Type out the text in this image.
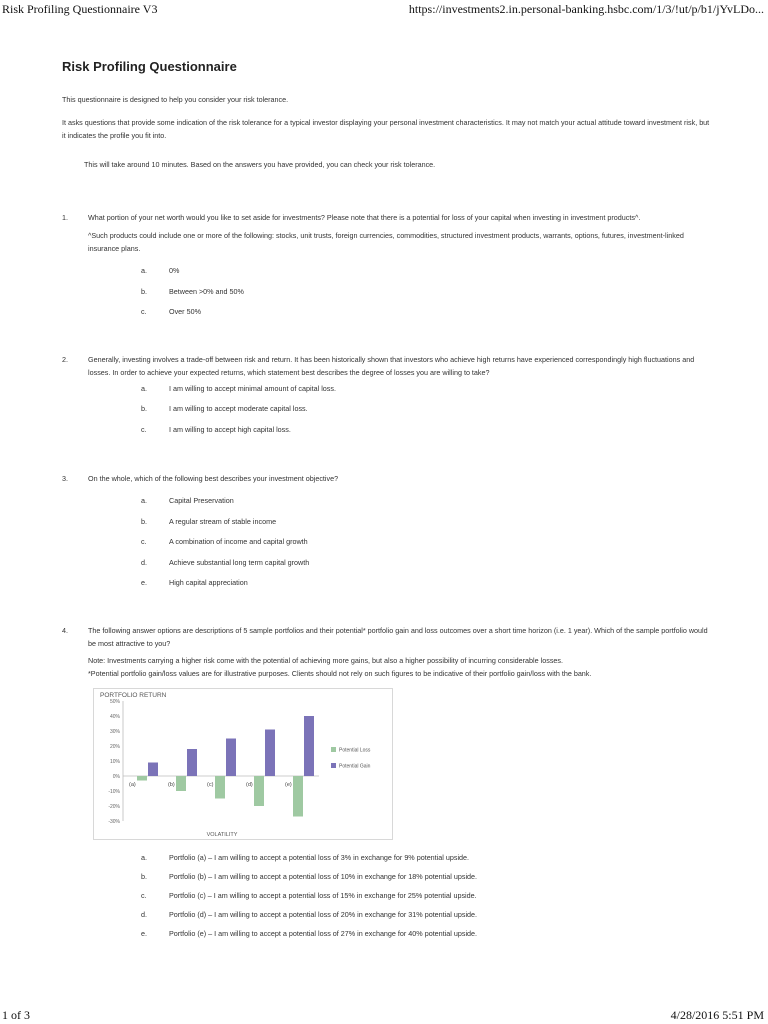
Risk Profiling Questionnaire V3	https://investments2.in.personal-banking.hsbc.com/1/3/!ut/p/b1/jYvLDo...
Risk Profiling Questionnaire

This questionnaire is designed to help you consider your risk tolerance.

It asks questions that provide some indication of the risk tolerance for a typical investor displaying your personal investment characteristics. It may not match your actual attitude toward investment risk, but it indicates the profile you fit into.

This will take around 10 minutes. Based on the answers you have provided, you can check your risk tolerance.

1.	What portion of your net worth would you like to set aside for investments? Please note that there is a potential for loss of your capital when investing in investment products^.

^Such products could include one or more of the following: stocks, unit trusts, foreign currencies, commodities, structured investment products, warrants, options, futures, investment-linked insurance plans.

a.	0%
b.	Between >0% and 50%
c.	Over 50%
2.	Generally, investing involves a trade-off between risk and return. It has been historically shown that investors who achieve high returns have experienced correspondingly high fluctuations and losses. In order to achieve your expected returns, which statement best describes the degree of losses you are willing to take?

a.	I am willing to accept minimal amount of capital loss.
b.	I am willing to accept moderate capital loss.
c.	I am willing to accept high capital loss.
3.	On the whole, which of the following best describes your investment objective?

a.	Capital Preservation
b.	A regular stream of stable income
c.	A combination of income and capital growth
d.	Achieve substantial long term capital growth
e.	High capital appreciation
4.	The following answer options are descriptions of 5 sample portfolios and their potential* portfolio gain and loss outcomes over a short time horizon (i.e. 1 year). Which of the sample portfolio would be most attractive to you?

Note: Investments carrying a higher risk come with the potential of achieving more gains, but also a higher possibility of incurring considerable losses.

*Potential portfolio gain/loss values are for illustrative purposes. Clients should not rely on such figures to be indicative of their portfolio gain/loss with the bank.

PORTFOLIO RETURN
50%
40%
30%
20%
10%
0%
-10%
-20%
-30%
(a)	(b)	(c)	(d)	(e)
VOLATILITY
Potential Loss
Potential Gain
a.	Portfolio (a) – I am willing to accept a potential loss of 3% in exchange for 9% potential upside.
b.	Portfolio (b) – I am willing to accept a potential loss of 10% in exchange for 18% potential upside.
c.	Portfolio (c) – I am willing to accept a potential loss of 15% in exchange for 25% potential upside.
d.	Portfolio (d) – I am willing to accept a potential loss of 20% in exchange for 31% potential upside.
e.	Portfolio (e) – I am willing to accept a potential loss of 27% in exchange for 40% potential upside.
1 of 3	4/28/2016 5:51 PM
